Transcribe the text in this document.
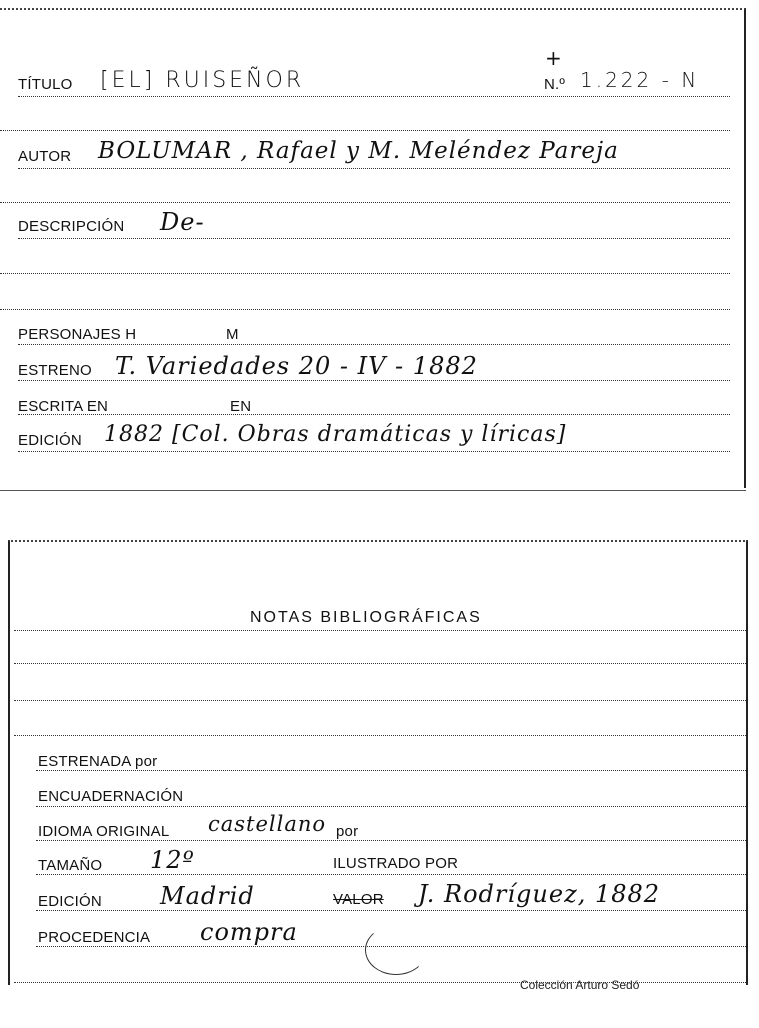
TÍTULO [EL] RUISEÑOR
+
N.º 1.222 - N
AUTOR BOLUMAR , Rafael y M. Meléndez Pareja
DESCRIPCIÓN De-
PERSONAJES H	M
ESTRENO T. Variedades 20 - IV - 1882
ESCRITA EN	EN
EDICIÓN 1882 [Col. Obras dramáticas y líricas]
NOTAS BIBLIOGRÁFICAS
ESTRENADA por
ENCUADERNACIÓN
IDIOMA ORIGINAL castellano por
TAMAÑO 12º	ILUSTRADO POR
EDICIÓN Madrid	VALOR J. Rodríguez, 1882
PROCEDENCIA compra
Colección Arturo Sedó
